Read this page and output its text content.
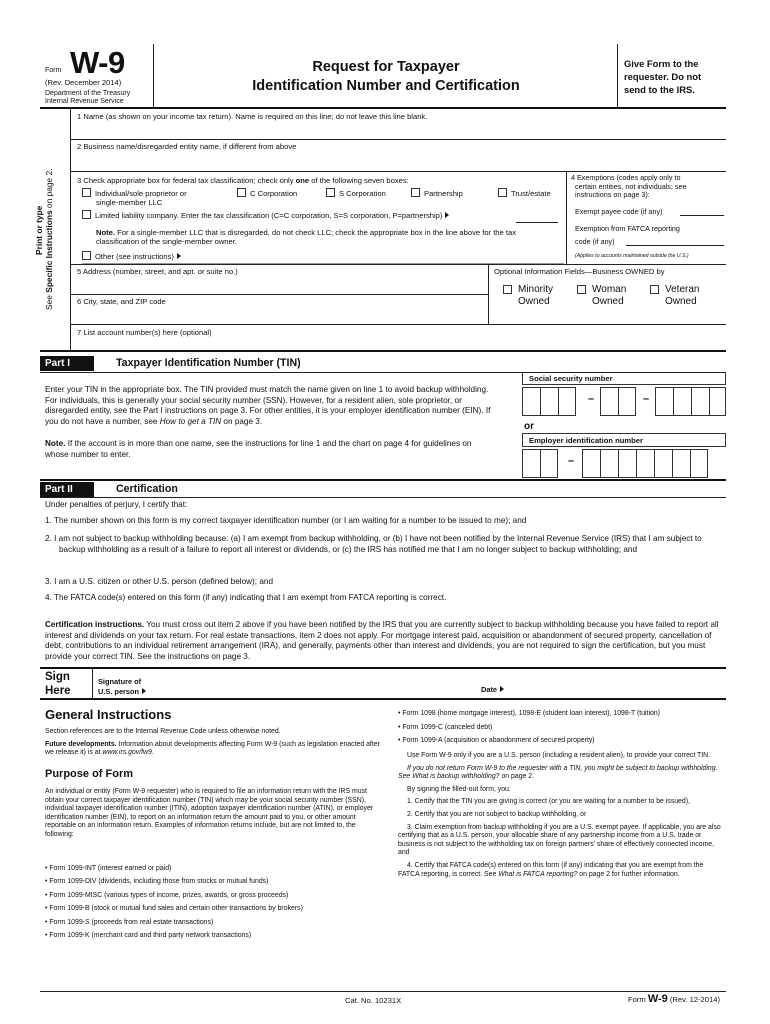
Form W-9
(Rev. December 2014)
Department of the Treasury
Internal Revenue Service
Request for Taxpayer
Identification Number and Certification
Give Form to the
requester. Do not
send to the IRS.
Print or type
See Specific Instructions on page 2.
1 Name (as shown on your income tax return). Name is required on this line; do not leave this line blank.
2 Business name/disregarded entity name, if different from above
3 Check appropriate box for federal tax classification; check only one of the following seven boxes:
Individual/sole proprietor or
single-member LLC
C Corporation	S Corporation	Partnership	Trust/estate
Limited liability company. Enter the tax classification (C=C corporation, S=S corporation, P=partnership)
Note. For a single-member LLC that is disregarded, do not check LLC; check the appropriate box in the line above for the tax
classification of the single-member owner.
Other (see instructions)
4 Exemptions (codes apply only to
certain entities, not individuals; see
instructions on page 3):
Exempt payee code (if any)
Exemption from FATCA reporting
code (if any)
(Applies to accounts maintained outside the U.S.)
5 Address (number, street, and apt. or suite no.)
6 City, state, and ZIP code
Optional Information Fields—Business OWNED by
Minority
Owned
Woman
Owned
Veteran
Owned
7 List account number(s) here (optional)
Part I	Taxpayer Identification Number (TIN)
Enter your TIN in the appropriate box. The TIN provided must match the name given on line 1 to avoid backup withholding. For individuals, this is generally your social security number (SSN). However, for a resident alien, sole proprietor, or disregarded entity, see the Part I instructions on page 3. For other entities, it is your employer identification number (EIN). If you do not have a number, see How to get a TIN on page 3.
Note. If the account is in more than one name, see the instructions for line 1 and the chart on page 4 for guidelines on whose number to enter.
Social security number
–	–
or
Employer identification number
–
Part II	Certification
Under penalties of perjury, I certify that:
1. The number shown on this form is my correct taxpayer identification number (or I am waiting for a number to be issued to me); and
2. I am not subject to backup withholding because: (a) I am exempt from backup withholding, or (b) I have not been notified by the Internal Revenue Service (IRS) that I am subject to backup withholding as a result of a failure to report all interest or dividends, or (c) the IRS has notified me that I am no longer subject to backup withholding; and
3. I am a U.S. citizen or other U.S. person (defined below); and
4. The FATCA code(s) entered on this form (if any) indicating that I am exempt from FATCA reporting is correct.
Certification instructions. You must cross out item 2 above if you have been notified by the IRS that you are currently subject to backup withholding because you have failed to report all interest and dividends on your tax return. For real estate transactions, item 2 does not apply. For mortgage interest paid, acquisition or abandonment of secured property, cancellation of debt, contributions to an individual retirement arrangement (IRA), and generally, payments other than interest and dividends, you are not required to sign the certification, but you must provide your correct TIN. See the instructions on page 3.
Sign
Here
Signature of
U.S. person	Date
General Instructions

Section references are to the Internal Revenue Code unless otherwise noted.

Future developments. Information about developments affecting Form W-9 (such as legislation enacted after we release it) is at www.irs.gov/fw9.

Purpose of Form

An individual or entity (Form W-9 requester) who is required to file an information return with the IRS must obtain your correct taxpayer identification number (TIN) which may be your social security number (SSN), individual taxpayer identification number (ITIN), adoption taxpayer identification number (ATIN), or employer identification number (EIN), to report on an information return the amount paid to you, or other amount reportable on an information return. Examples of information returns include, but are not limited to, the following:

• Form 1099-INT (interest earned or paid)
• Form 1099-DIV (dividends, including those from stocks or mutual funds)
• Form 1099-MISC (various types of income, prizes, awards, or gross proceeds)
• Form 1099-B (stock or mutual fund sales and certain other transactions by brokers)
• Form 1099-S (proceeds from real estate transactions)
• Form 1099-K (merchant card and third party network transactions)
• Form 1098 (home mortgage interest), 1098-E (student loan interest), 1098-T (tuition)
• Form 1099-C (canceled debt)
• Form 1099-A (acquisition or abandonment of secured property)

Use Form W-9 only if you are a U.S. person (including a resident alien), to provide your correct TIN.

If you do not return Form W-9 to the requester with a TIN, you might be subject to backup withholding. See What is backup withholding? on page 2.

By signing the filled-out form, you:

1. Certify that the TIN you are giving is correct (or you are waiting for a number to be issued),

2. Certify that you are not subject to backup withholding, or

3. Claim exemption from backup withholding if you are a U.S. exempt payee. If applicable, you are also certifying that as a U.S. person, your allocable share of any partnership income from a U.S. trade or business is not subject to the withholding tax on foreign partners' share of effectively connected income, and

4. Certify that FATCA code(s) entered on this form (if any) indicating that you are exempt from the FATCA reporting, is correct. See What is FATCA reporting? on page 2 for further information.

Cat. No. 10231X	Form W-9 (Rev. 12-2014)
